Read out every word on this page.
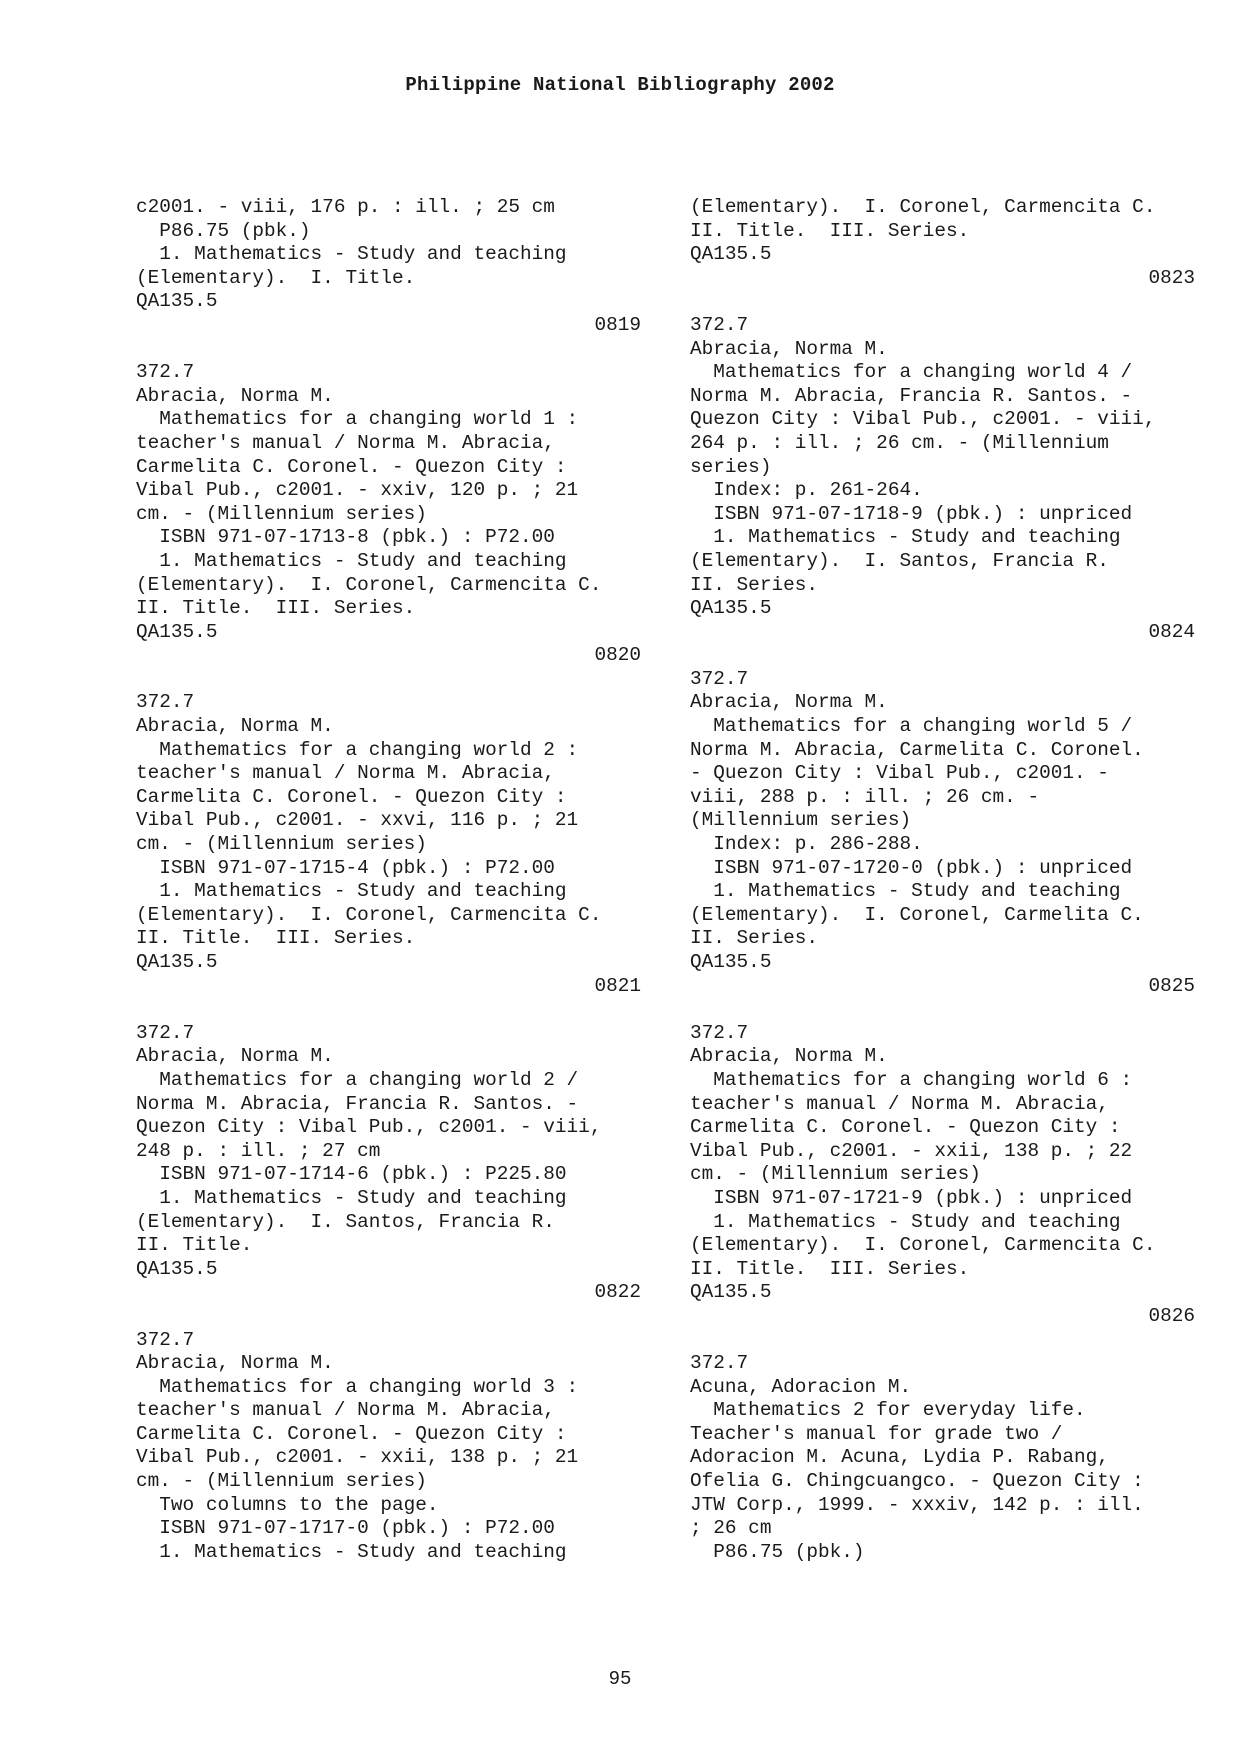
Philippine National Bibliography 2002
c2001. - viii, 176 p. : ill. ; 25 cm
P86.75 (pbk.)
1. Mathematics - Study and teaching
(Elementary).  I. Title.
QA135.5
0819
372.7
Abracia, Norma M.
Mathematics for a changing world 1 :
teacher's manual / Norma M. Abracia,
Carmelita C. Coronel. - Quezon City :
Vibal Pub., c2001. - xxiv, 120 p. ; 21
cm. - (Millennium series)
ISBN 971-07-1713-8 (pbk.) : P72.00
1. Mathematics - Study and teaching
(Elementary).  I. Coronel, Carmencita C.
II. Title.  III. Series.
QA135.5
0820
372.7
Abracia, Norma M.
Mathematics for a changing world 2 :
teacher's manual / Norma M. Abracia,
Carmelita C. Coronel. - Quezon City :
Vibal Pub., c2001. - xxvi, 116 p. ; 21
cm. - (Millennium series)
ISBN 971-07-1715-4 (pbk.) : P72.00
1. Mathematics - Study and teaching
(Elementary).  I. Coronel, Carmencita C.
II. Title.  III. Series.
QA135.5
0821
372.7
Abracia, Norma M.
Mathematics for a changing world 2 /
Norma M. Abracia, Francia R. Santos. -
Quezon City : Vibal Pub., c2001. - viii,
248 p. : ill. ; 27 cm
ISBN 971-07-1714-6 (pbk.) : P225.80
1. Mathematics - Study and teaching
(Elementary).  I. Santos, Francia R.
II. Title.
QA135.5
0822
372.7
Abracia, Norma M.
Mathematics for a changing world 3 :
teacher's manual / Norma M. Abracia,
Carmelita C. Coronel. - Quezon City :
Vibal Pub., c2001. - xxii, 138 p. ; 21
cm. - (Millennium series)
Two columns to the page.
ISBN 971-07-1717-0 (pbk.) : P72.00
1. Mathematics - Study and teaching
(Elementary).  I. Coronel, Carmencita C.
II. Title.  III. Series.
QA135.5
0823
372.7
Abracia, Norma M.
Mathematics for a changing world 4 /
Norma M. Abracia, Francia R. Santos. -
Quezon City : Vibal Pub., c2001. - viii,
264 p. : ill. ; 26 cm. - (Millennium
series)
Index: p. 261-264.
ISBN 971-07-1718-9 (pbk.) : unpriced
1. Mathematics - Study and teaching
(Elementary).  I. Santos, Francia R.
II. Series.
QA135.5
0824
372.7
Abracia, Norma M.
Mathematics for a changing world 5 /
Norma M. Abracia, Carmelita C. Coronel.
- Quezon City : Vibal Pub., c2001. -
viii, 288 p. : ill. ; 26 cm. -
(Millennium series)
Index: p. 286-288.
ISBN 971-07-1720-0 (pbk.) : unpriced
1. Mathematics - Study and teaching
(Elementary).  I. Coronel, Carmelita C.
II. Series.
QA135.5
0825
372.7
Abracia, Norma M.
Mathematics for a changing world 6 :
teacher's manual / Norma M. Abracia,
Carmelita C. Coronel. - Quezon City :
Vibal Pub., c2001. - xxii, 138 p. ; 22
cm. - (Millennium series)
ISBN 971-07-1721-9 (pbk.) : unpriced
1. Mathematics - Study and teaching
(Elementary).  I. Coronel, Carmencita C.
II. Title.  III. Series.
QA135.5
0826
372.7
Acuna, Adoracion M.
Mathematics 2 for everyday life.
Teacher's manual for grade two /
Adoracion M. Acuna, Lydia P. Rabang,
Ofelia G. Chingcuangco. - Quezon City :
JTW Corp., 1999. - xxxiv, 142 p. : ill.
; 26 cm
P86.75 (pbk.)
95
